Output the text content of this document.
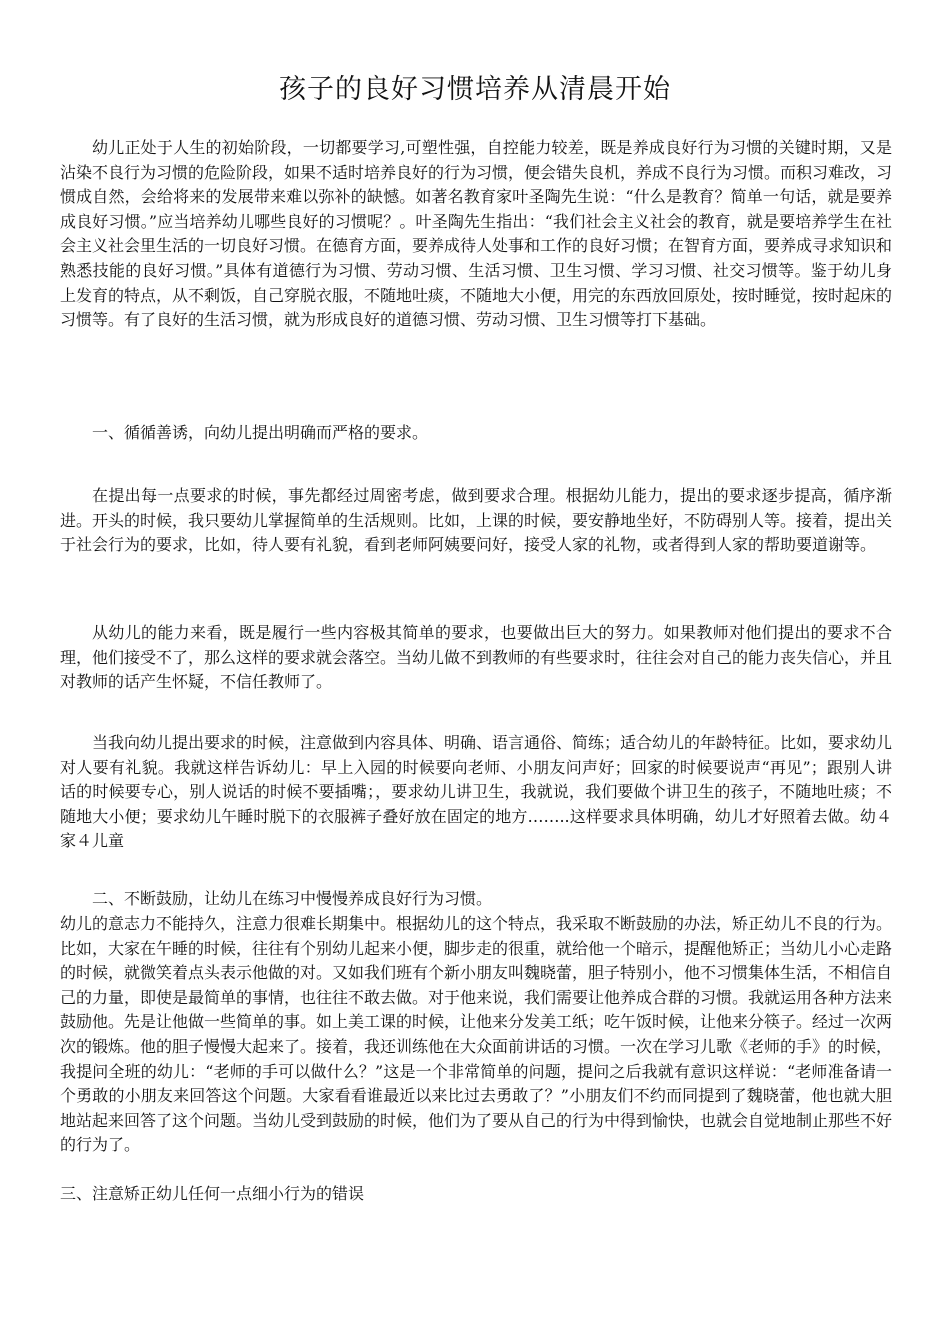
孩子的良好习惯培养从清晨开始

幼儿正处于人生的初始阶段，一切都要学习,可塑性强，自控能力较差，既是养成良好行为习惯的关键时期，又是沾染不良行为习惯的危险阶段，如果不适时培养良好的行为习惯，便会错失良机，养成不良行为习惯。而积习难改，习惯成自然，会给将来的发展带来难以弥补的缺憾。如著名教育家叶圣陶先生说：“什么是教育？简单一句话，就是要养成良好习惯。”应当培养幼儿哪些良好的习惯呢？。叶圣陶先生指出：“我们社会主义社会的教育，就是要培养学生在社会主义社会里生活的一切良好习惯。在德育方面，要养成待人处事和工作的良好习惯；在智育方面，要养成寻求知识和熟悉技能的良好习惯。”具体有道德行为习惯、劳动习惯、生活习惯、卫生习惯、学习习惯、社交习惯等。鉴于幼儿身上发育的特点，从不剩饭，自己穿脱衣服，不随地吐痰，不随地大小便，用完的东西放回原处，按时睡觉，按时起床的习惯等。有了良好的生活习惯，就为形成良好的道德习惯、劳动习惯、卫生习惯等打下基础。

一、循循善诱，向幼儿提出明确而严格的要求。

在提出每一点要求的时候，事先都经过周密考虑，做到要求合理。根据幼儿能力，提出的要求逐步提高，循序渐进。开头的时候，我只要幼儿掌握简单的生活规则。比如，上课的时候，要安静地坐好，不防碍别人等。接着，提出关于社会行为的要求，比如，待人要有礼貌，看到老师阿姨要问好，接受人家的礼物，或者得到人家的帮助要道谢等。

从幼儿的能力来看，既是履行一些内容极其简单的要求，也要做出巨大的努力。如果教师对他们提出的要求不合理，他们接受不了，那么这样的要求就会落空。当幼儿做不到教师的有些要求时，往往会对自己的能力丧失信心，并且对教师的话产生怀疑，不信任教师了。

当我向幼儿提出要求的时候，注意做到内容具体、明确、语言通俗、简练；适合幼儿的年龄特征。比如，要求幼儿对人要有礼貌。我就这样告诉幼儿：早上入园的时候要向老师、小朋友问声好；回家的时候要说声“再见”；跟别人讲话的时候要专心，别人说话的时候不要插嘴；，要求幼儿讲卫生，我就说，我们要做个讲卫生的孩子，不随地吐痰；不随地大小便；要求幼儿午睡时脱下的衣服裤子叠好放在固定的地方……..这样要求具体明确，幼儿才好照着去做。幼４家４儿童

二、不断鼓励，让幼儿在练习中慢慢养成良好行为习惯。

幼儿的意志力不能持久，注意力很难长期集中。根据幼儿的这个特点，我采取不断鼓励的办法，矫正幼儿不良的行为。比如，大家在午睡的时候，往往有个别幼儿起来小便，脚步走的很重，就给他一个暗示，提醒他矫正；当幼儿小心走路的时候，就微笑着点头表示他做的对。又如我们班有个新小朋友叫魏晓蕾，胆子特别小，他不习惯集体生活，不相信自己的力量，即使是最简单的事情，也往往不敢去做。对于他来说，我们需要让他养成合群的习惯。我就运用各种方法来鼓励他。先是让他做一些简单的事。如上美工课的时候，让他来分发美工纸；吃午饭时候，让他来分筷子。经过一次两次的锻炼。他的胆子慢慢大起来了。接着，我还训练他在大众面前讲话的习惯。一次在学习儿歌《老师的手》的时候，我提问全班的幼儿：“老师的手可以做什么？”这是一个非常简单的问题，提问之后我就有意识这样说：“老师准备请一个勇敢的小朋友来回答这个问题。大家看看谁最近以来比过去勇敢了？”小朋友们不约而同提到了魏晓蕾，他也就大胆地站起来回答了这个问题。当幼儿受到鼓励的时候，他们为了要从自己的行为中得到愉快，也就会自觉地制止那些不好的行为了。

三、注意矫正幼儿任何一点细小行为的错误
